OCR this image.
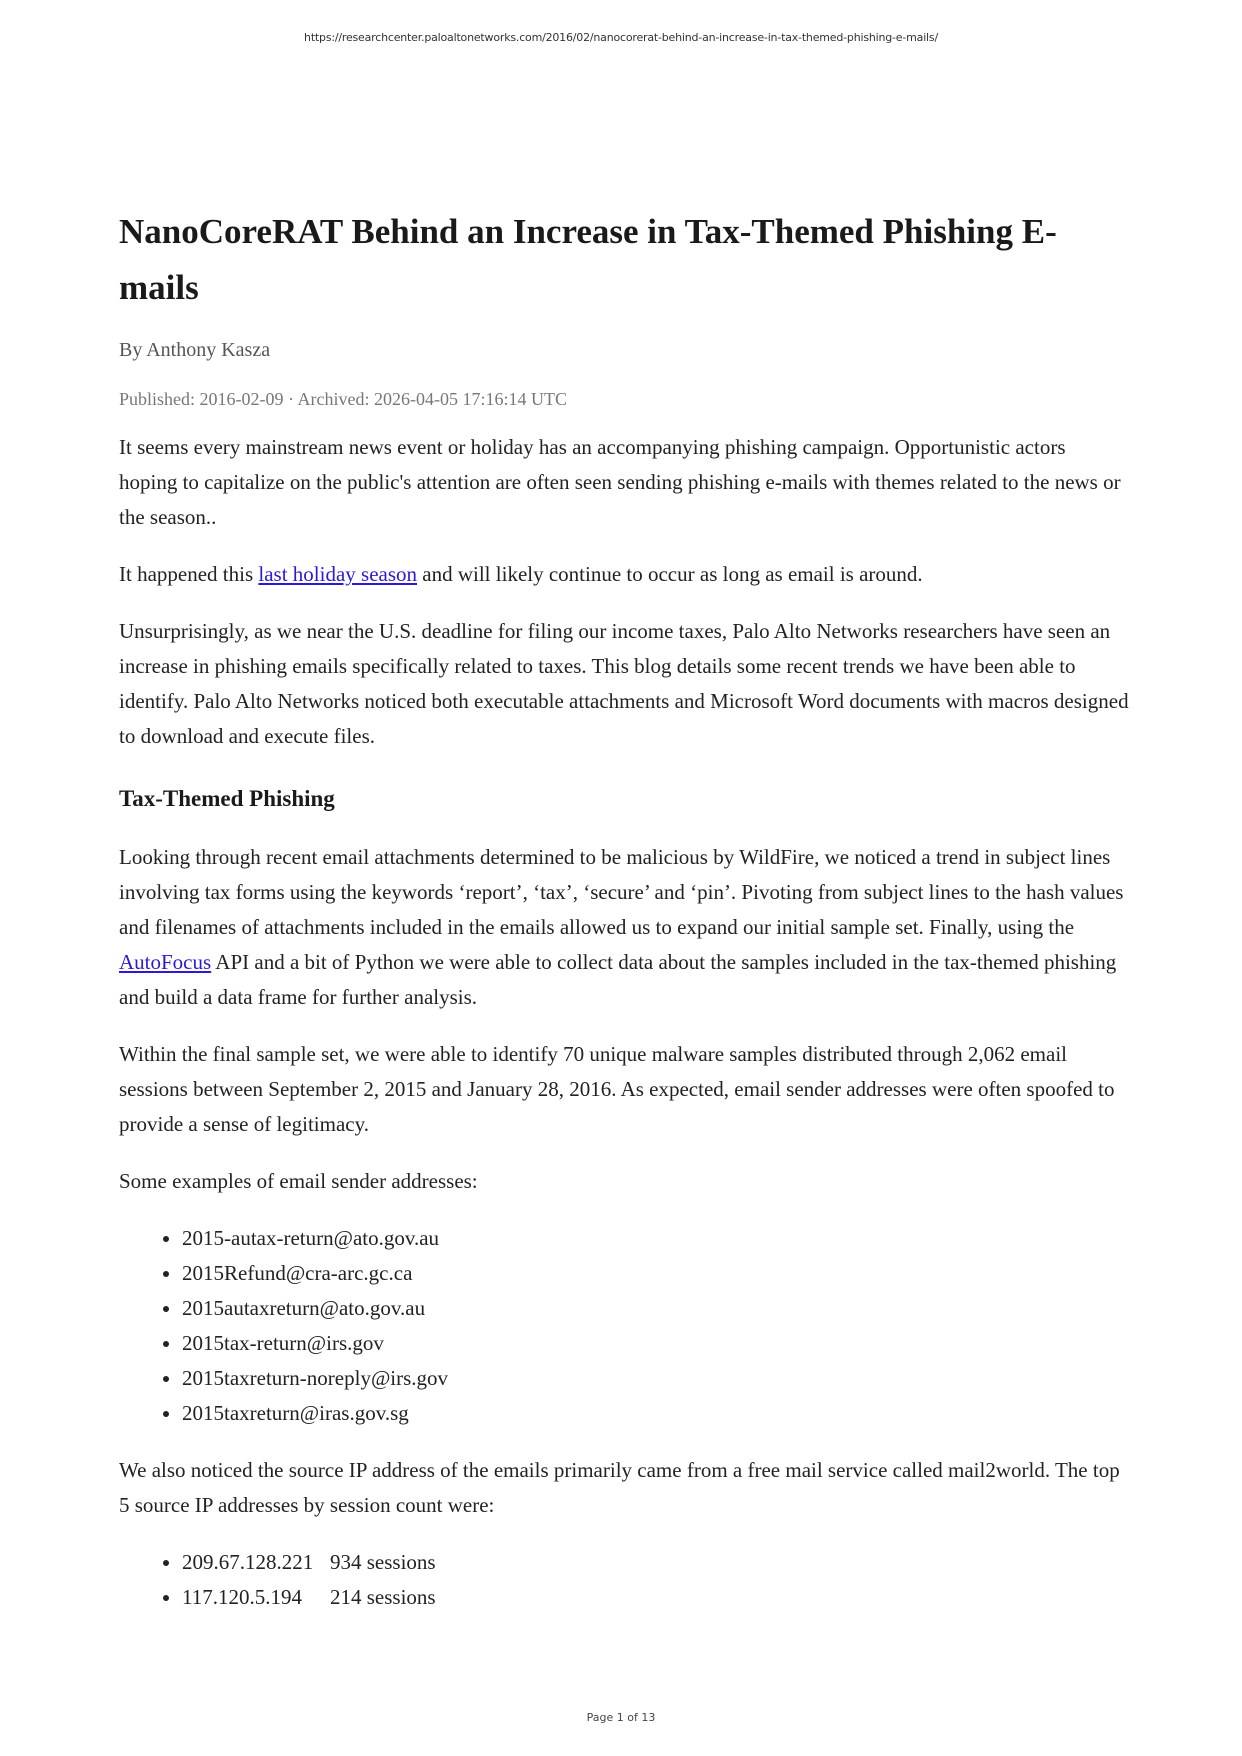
https://researchcenter.paloaltonetworks.com/2016/02/nanocorerat-behind-an-increase-in-tax-themed-phishing-e-mails/
NanoCoreRAT Behind an Increase in Tax-Themed Phishing E-mails
By Anthony Kasza
Published: 2016-02-09 · Archived: 2026-04-05 17:16:14 UTC

It seems every mainstream news event or holiday has an accompanying phishing campaign. Opportunistic actors hoping to capitalize on the public's attention are often seen sending phishing e-mails with themes related to the news or the season..

It happened this last holiday season and will likely continue to occur as long as email is around.

Unsurprisingly, as we near the U.S. deadline for filing our income taxes, Palo Alto Networks researchers have seen an increase in phishing emails specifically related to taxes. This blog details some recent trends we have been able to identify. Palo Alto Networks noticed both executable attachments and Microsoft Word documents with macros designed to download and execute files.

Tax-Themed Phishing

Looking through recent email attachments determined to be malicious by WildFire, we noticed a trend in subject lines involving tax forms using the keywords ‘report’, ‘tax’, ‘secure’ and ‘pin’. Pivoting from subject lines to the hash values and filenames of attachments included in the emails allowed us to expand our initial sample set. Finally, using the AutoFocus API and a bit of Python we were able to collect data about the samples included in the tax-themed phishing and build a data frame for further analysis.

Within the final sample set, we were able to identify 70 unique malware samples distributed through 2,062 email sessions between September 2, 2015 and January 28, 2016. As expected, email sender addresses were often spoofed to provide a sense of legitimacy.

Some examples of email sender addresses:

• 2015-autax-return@ato.gov.au
• 2015Refund@cra-arc.gc.ca
• 2015autaxreturn@ato.gov.au
• 2015tax-return@irs.gov
• 2015taxreturn-noreply@irs.gov
• 2015taxreturn@iras.gov.sg

We also noticed the source IP address of the emails primarily came from a free mail service called mail2world. The top 5 source IP addresses by session count were:

• 209.67.128.221 934 sessions
• 117.120.5.194 214 sessions
Page 1 of 13
